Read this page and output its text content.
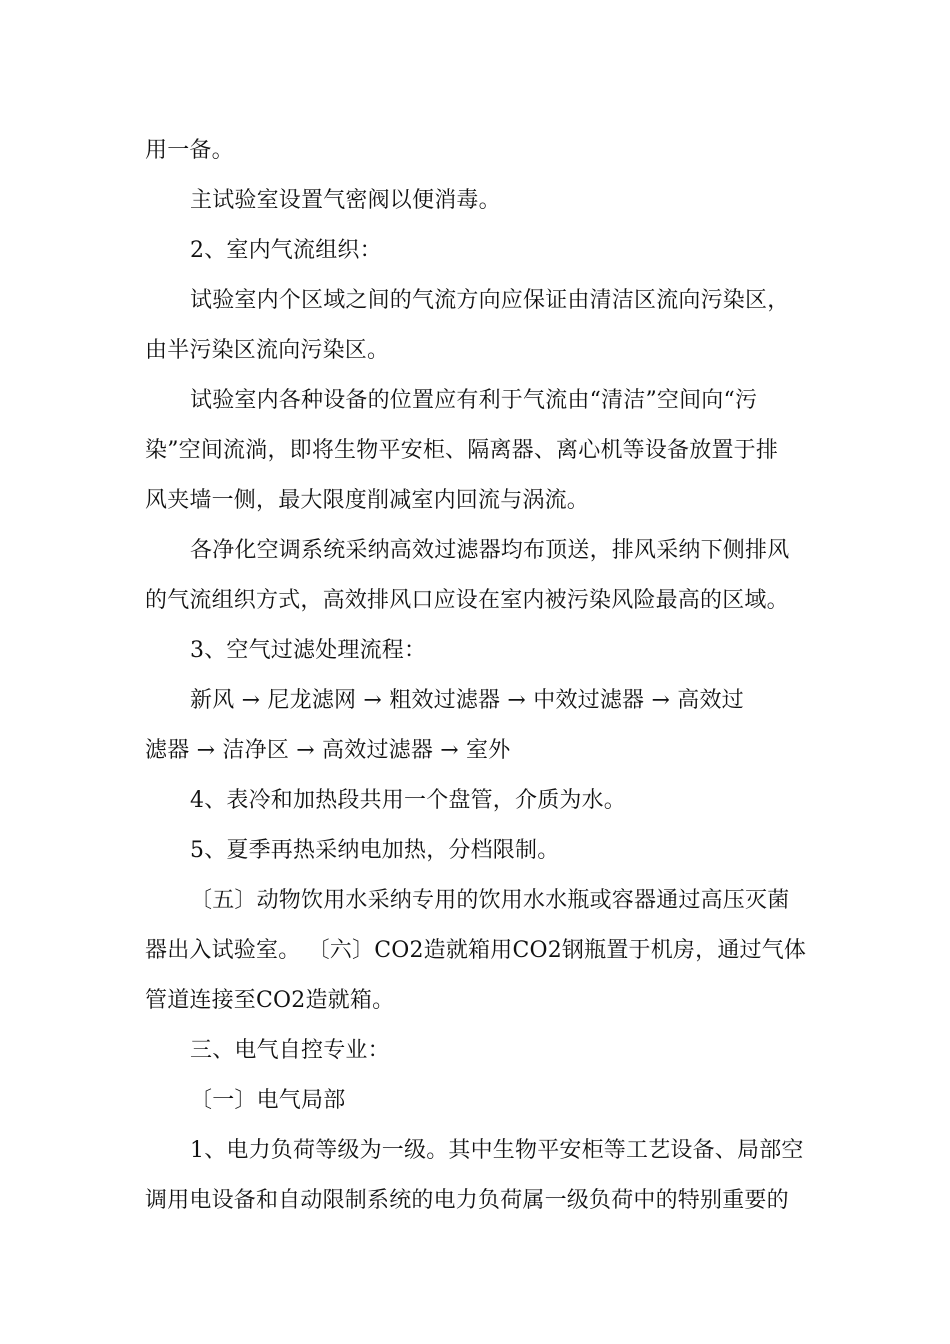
用一备。
主试验室设置气密阀以便消毒。
2、室内气流组织：
试验室内个区域之间的气流方向应保证由清洁区流向污染区，
由半污染区流向污染区。
试验室内各种设备的位置应有利于气流由“清洁”空间向“污
染”空间流淌，即将生物平安柜、隔离器、离心机等设备放置于排
风夹墙一侧，最大限度削减室内回流与涡流。
各净化空调系统采纳高效过滤器均布顶送，排风采纳下侧排风
的气流组织方式，高效排风口应设在室内被污染风险最高的区域。
3、空气过滤处理流程：
新风 → 尼龙滤网 → 粗效过滤器 → 中效过滤器 → 高效过
滤器 → 洁净区 → 高效过滤器 → 室外
4、表冷和加热段共用一个盘管，介质为水。
5、夏季再热采纳电加热，分档限制。
〔五〕动物饮用水采纳专用的饮用水水瓶或容器通过高压灭菌
器出入试验室。 〔六〕CO2造就箱用CO2钢瓶置于机房，通过气体
管道连接至CO2造就箱。
三、电气自控专业：
〔一〕电气局部
1、电力负荷等级为一级。其中生物平安柜等工艺设备、局部空
调用电设备和自动限制系统的电力负荷属一级负荷中的特别重要的
